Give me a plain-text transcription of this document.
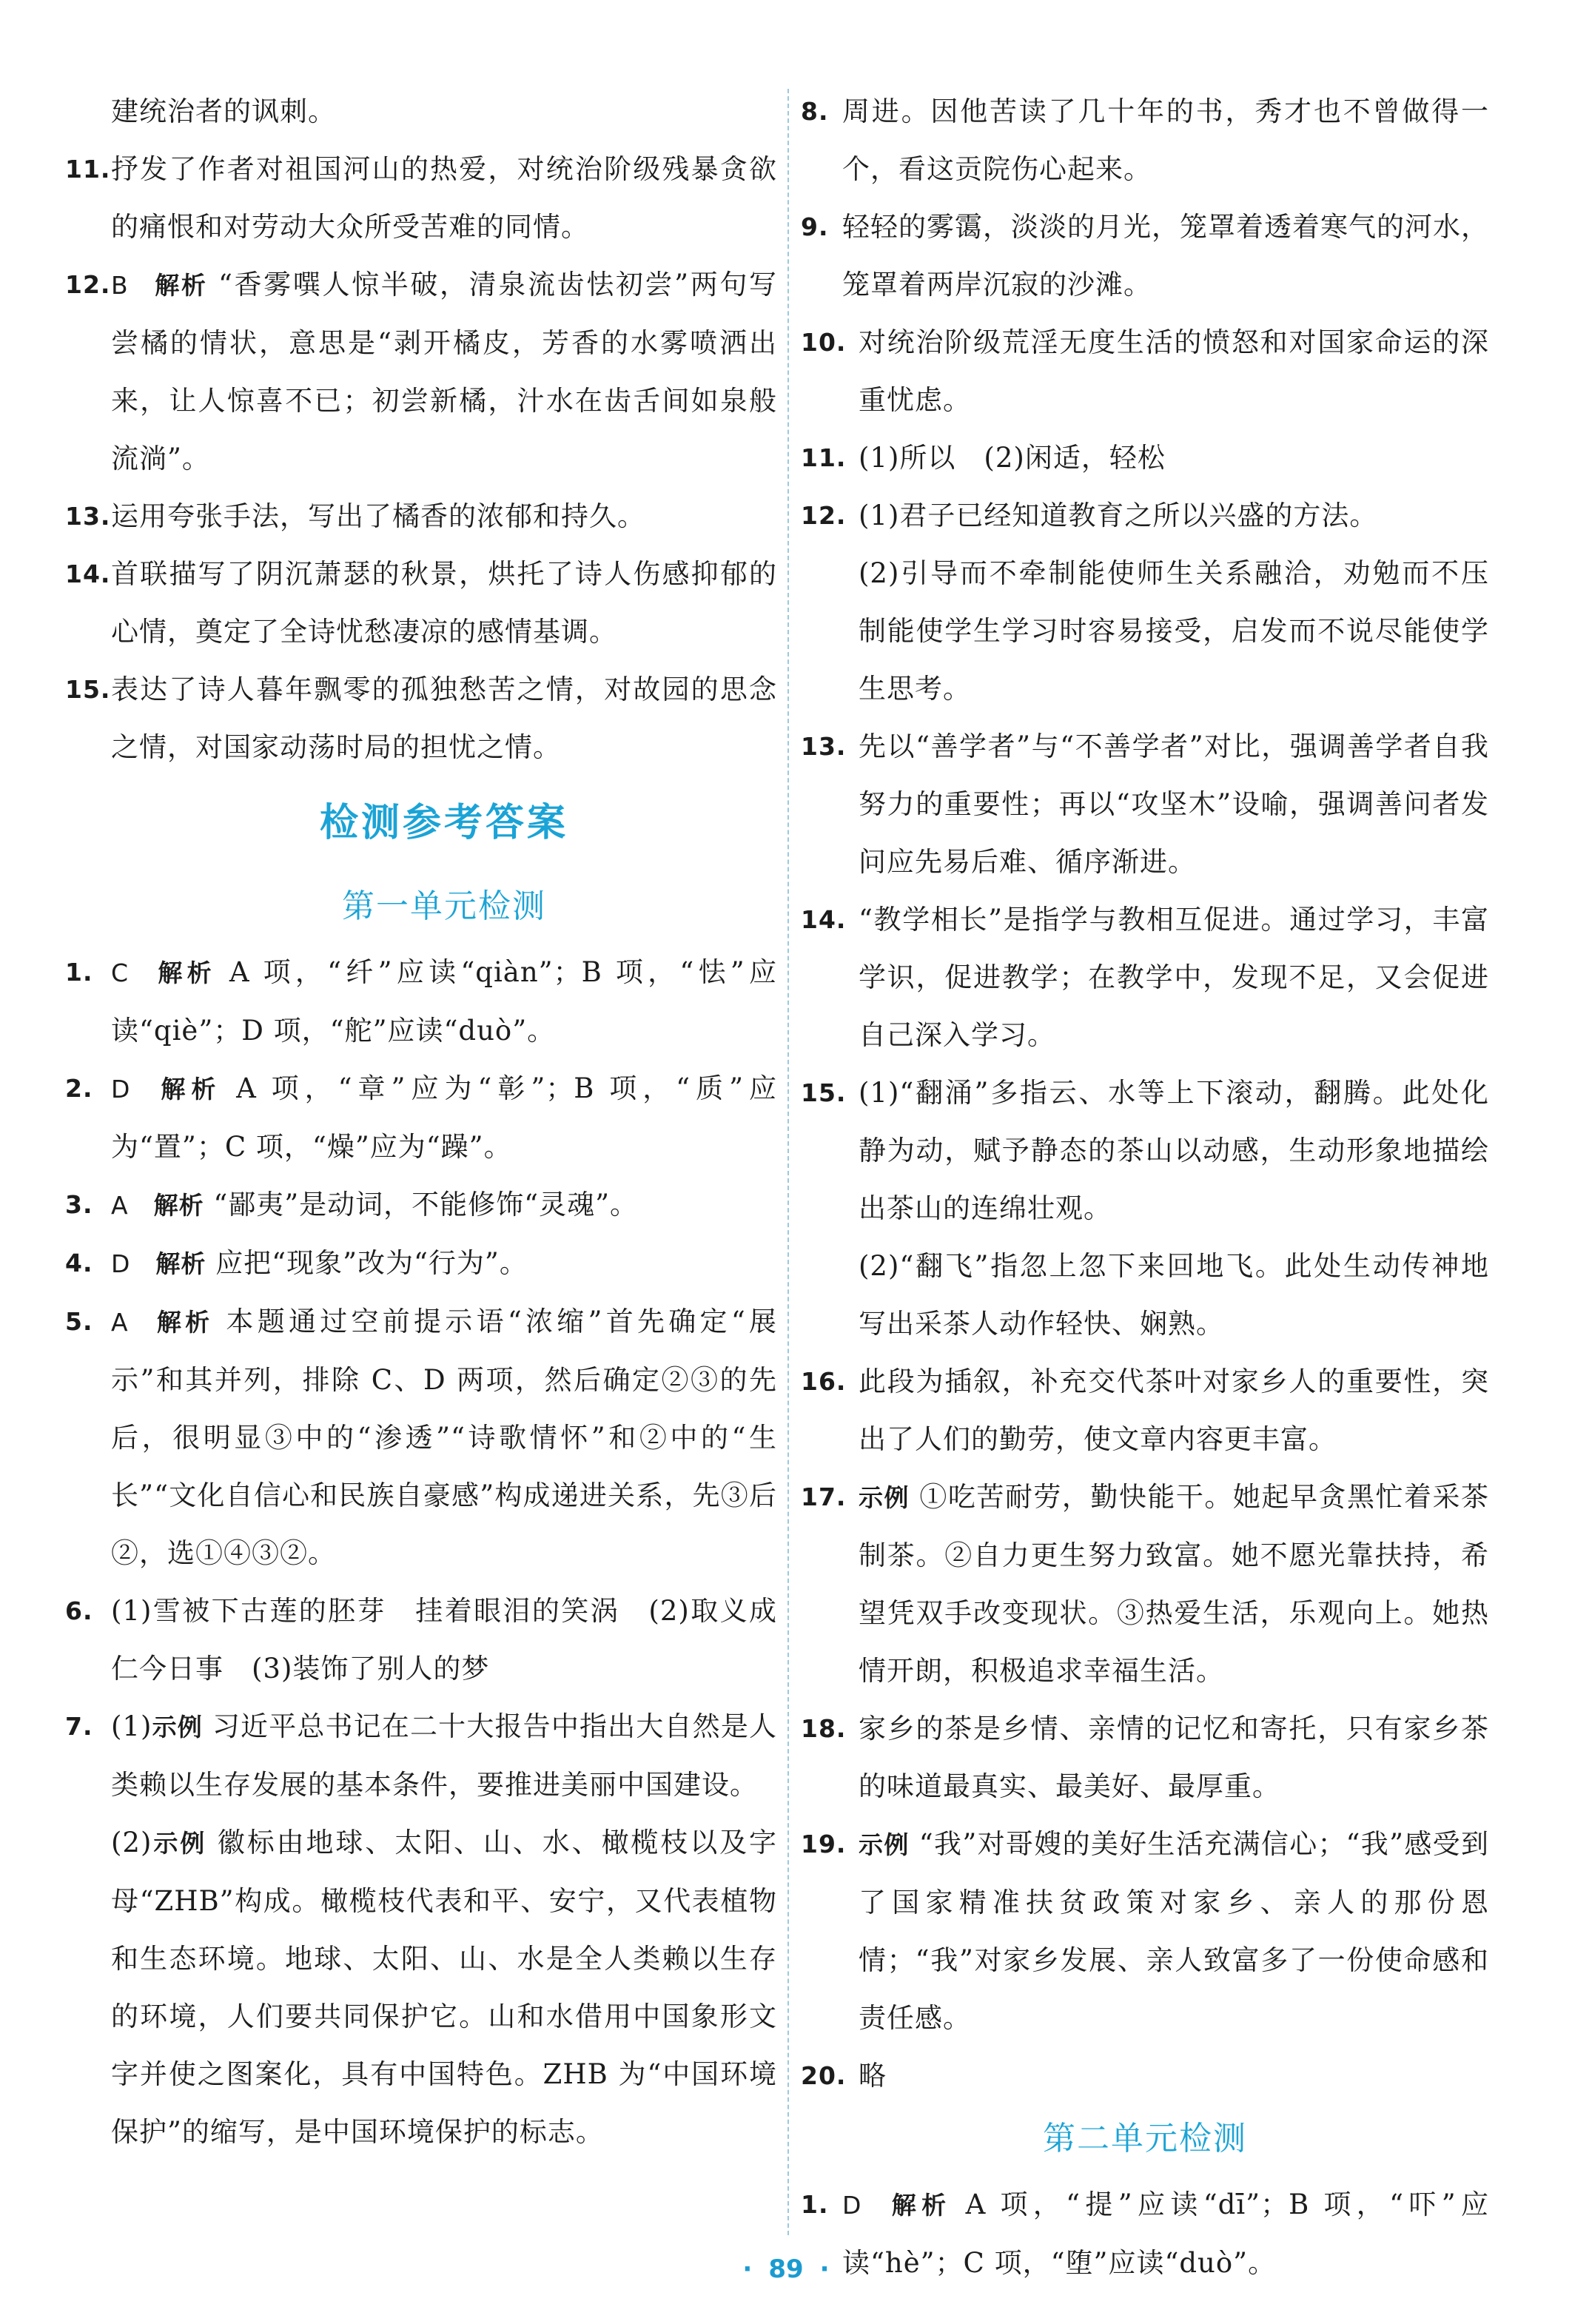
建统治者的讽刺。
11. 抒发了作者对祖国河山的热爱，对统治阶级残暴贪欲的痛恨和对劳动大众所受苦难的同情。
12. B 解析 “香雾噀人惊半破，清泉流齿怯初尝”两句写尝橘的情状，意思是“剥开橘皮，芳香的水雾喷洒出来，让人惊喜不已；初尝新橘，汁水在齿舌间如泉般流淌”。
13. 运用夸张手法，写出了橘香的浓郁和持久。
14. 首联描写了阴沉萧瑟的秋景，烘托了诗人伤感抑郁的心情，奠定了全诗忧愁凄凉的感情基调。
15. 表达了诗人暮年飘零的孤独愁苦之情，对故园的思念之情，对国家动荡时局的担忧之情。
检测参考答案
第一单元检测
1. C 解析 A 项，“纤”应读“qiàn”；B 项，“怯”应读“qiè”；D 项，“舵”应读“duò”。
2. D 解析 A 项，“章”应为“彰”；B 项，“质”应为“置”；C 项，“燥”应为“躁”。
3. A 解析 “鄙夷”是动词，不能修饰“灵魂”。
4. D 解析 应把“现象”改为“行为”。
5. A 解析 本题通过空前提示语“浓缩”首先确定“展示”和其并列，排除 C、D 两项，然后确定②③的先后，很明显③中的“渗透”“诗歌情怀”和②中的“生长”“文化自信心和民族自豪感”构成递进关系，先③后②，选①④③②。
6. (1)雪被下古莲的胚芽　挂着眼泪的笑涡　(2)取义成仁今日事　(3)装饰了别人的梦
7. (1)示例 习近平总书记在二十大报告中指出大自然是人类赖以生存发展的基本条件，要推进美丽中国建设。
(2)示例 徽标由地球、太阳、山、水、橄榄枝以及字母“ZHB”构成。橄榄枝代表和平、安宁，又代表植物和生态环境。地球、太阳、山、水是全人类赖以生存的环境，人们要共同保护它。山和水借用中国象形文字并使之图案化，具有中国特色。ZHB 为“中国环境保护”的缩写，是中国环境保护的标志。
8. 周进。因他苦读了几十年的书，秀才也不曾做得一个，看这贡院伤心起来。
9. 轻轻的雾霭，淡淡的月光，笼罩着透着寒气的河水，笼罩着两岸沉寂的沙滩。
10. 对统治阶级荒淫无度生活的愤怒和对国家命运的深重忧虑。
11. (1)所以　(2)闲适，轻松
12. (1)君子已经知道教育之所以兴盛的方法。
(2)引导而不牵制能使师生关系融洽，劝勉而不压制能使学生学习时容易接受，启发而不说尽能使学生思考。
13. 先以“善学者”与“不善学者”对比，强调善学者自我努力的重要性；再以“攻坚木”设喻，强调善问者发问应先易后难、循序渐进。
14. “教学相长”是指学与教相互促进。通过学习，丰富学识，促进教学；在教学中，发现不足，又会促进自己深入学习。
15. (1)“翻涌”多指云、水等上下滚动，翻腾。此处化静为动，赋予静态的茶山以动感，生动形象地描绘出茶山的连绵壮观。
(2)“翻飞”指忽上忽下来回地飞。此处生动传神地写出采茶人动作轻快、娴熟。
16. 此段为插叙，补充交代茶叶对家乡人的重要性，突出了人们的勤劳，使文章内容更丰富。
17. 示例 ①吃苦耐劳，勤快能干。她起早贪黑忙着采茶制茶。②自力更生努力致富。她不愿光靠扶持，希望凭双手改变现状。③热爱生活，乐观向上。她热情开朗，积极追求幸福生活。
18. 家乡的茶是乡情、亲情的记忆和寄托，只有家乡茶的味道最真实、最美好、最厚重。
19. 示例 “我”对哥嫂的美好生活充满信心；“我”感受到了国家精准扶贫政策对家乡、亲人的那份恩情；“我”对家乡发展、亲人致富多了一份使命感和责任感。
20. 略
第二单元检测
1. D 解析 A 项，“提”应读“dī”；B 项，“吓”应读“hè”；C 项，“堕”应读“duò”。
· 89 ·
